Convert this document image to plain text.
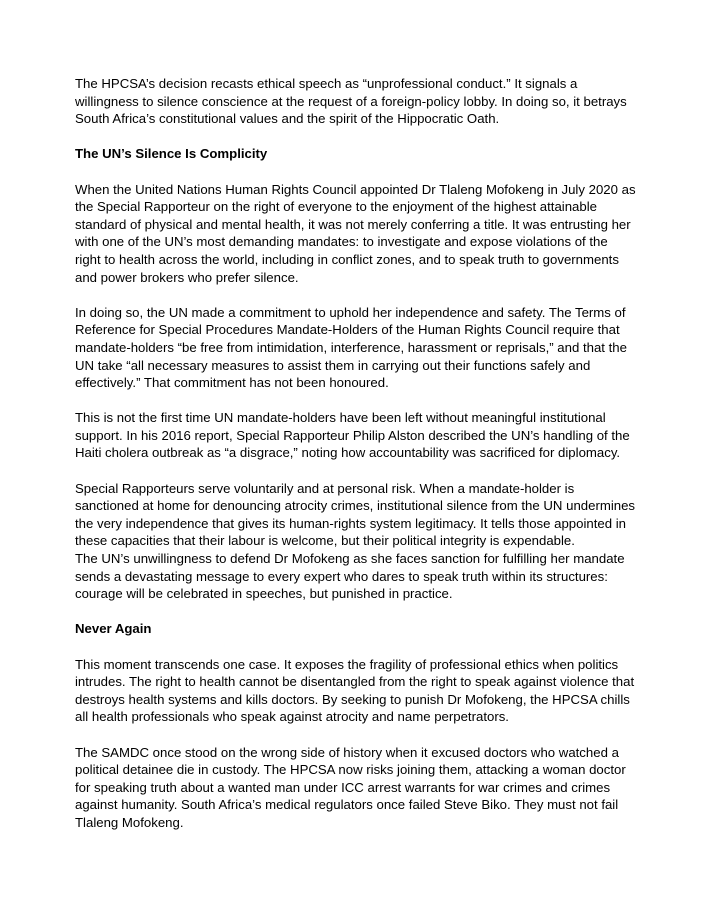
The HPCSA’s decision recasts ethical speech as “unprofessional conduct.” It signals a
willingness to silence conscience at the request of a foreign-policy lobby. In doing so, it betrays
South Africa’s constitutional values and the spirit of the Hippocratic Oath.

The UN’s Silence Is Complicity

When the United Nations Human Rights Council appointed Dr Tlaleng Mofokeng in July 2020 as
the Special Rapporteur on the right of everyone to the enjoyment of the highest attainable
standard of physical and mental health, it was not merely conferring a title. It was entrusting her
with one of the UN’s most demanding mandates: to investigate and expose violations of the
right to health across the world, including in conflict zones, and to speak truth to governments
and power brokers who prefer silence.

In doing so, the UN made a commitment to uphold her independence and safety. The Terms of
Reference for Special Procedures Mandate-Holders of the Human Rights Council require that
mandate-holders “be free from intimidation, interference, harassment or reprisals,” and that the
UN take “all necessary measures to assist them in carrying out their functions safely and
effectively.” That commitment has not been honoured.

This is not the first time UN mandate-holders have been left without meaningful institutional
support. In his 2016 report, Special Rapporteur Philip Alston described the UN’s handling of the
Haiti cholera outbreak as “a disgrace,” noting how accountability was sacrificed for diplomacy.

Special Rapporteurs serve voluntarily and at personal risk. When a mandate-holder is
sanctioned at home for denouncing atrocity crimes, institutional silence from the UN undermines
the very independence that gives its human-rights system legitimacy. It tells those appointed in
these capacities that their labour is welcome, but their political integrity is expendable.

The UN’s unwillingness to defend Dr Mofokeng as she faces sanction for fulfilling her mandate
sends a devastating message to every expert who dares to speak truth within its structures:
courage will be celebrated in speeches, but punished in practice.

Never Again

This moment transcends one case. It exposes the fragility of professional ethics when politics
intrudes. The right to health cannot be disentangled from the right to speak against violence that
destroys health systems and kills doctors. By seeking to punish Dr Mofokeng, the HPCSA chills
all health professionals who speak against atrocity and name perpetrators.

The SAMDC once stood on the wrong side of history when it excused doctors who watched a
political detainee die in custody. The HPCSA now risks joining them, attacking a woman doctor
for speaking truth about a wanted man under ICC arrest warrants for war crimes and crimes
against humanity. South Africa’s medical regulators once failed Steve Biko. They must not fail
Tlaleng Mofokeng.
